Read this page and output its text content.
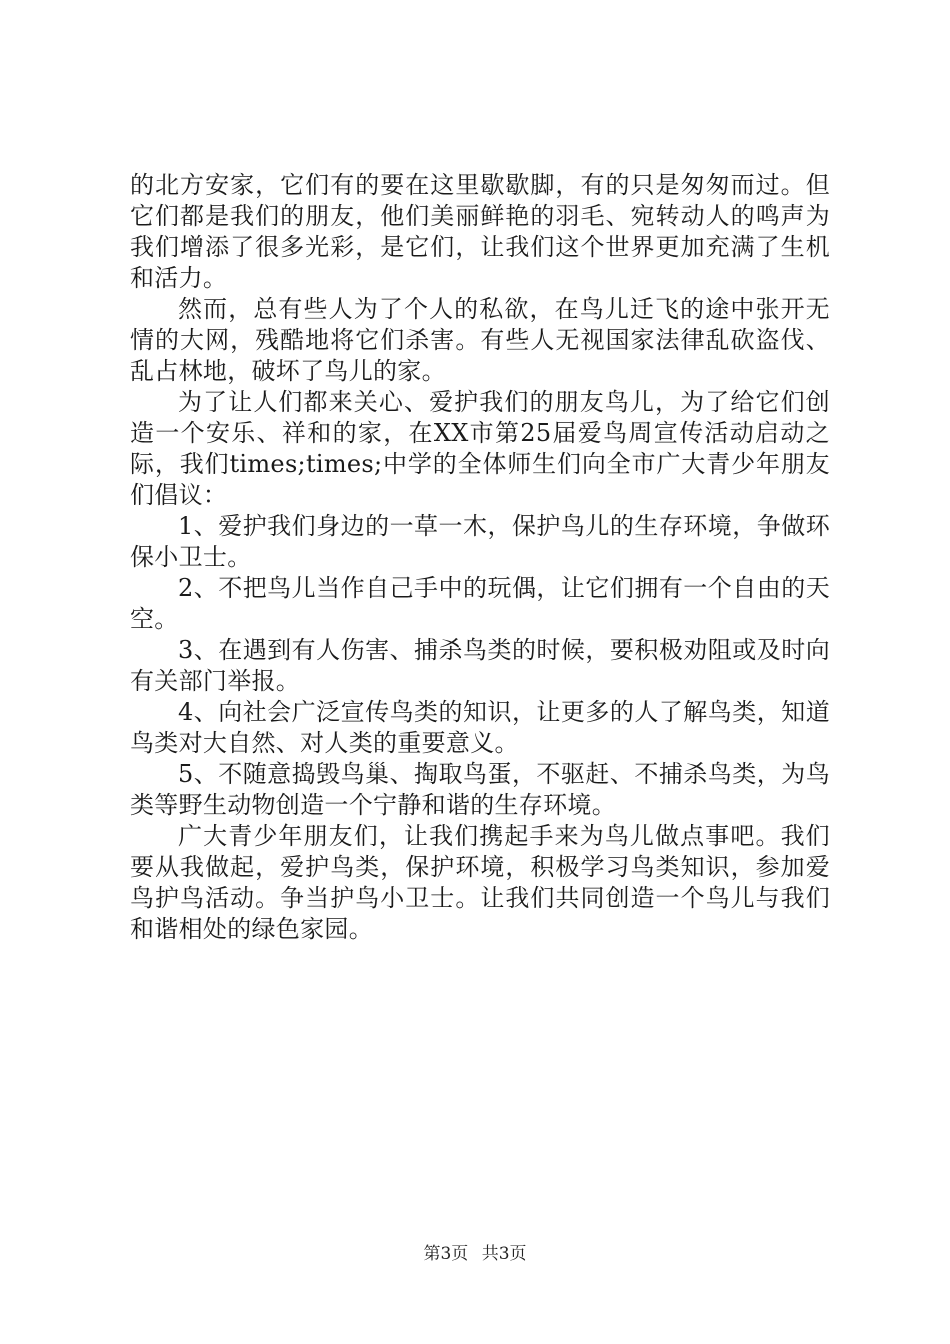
的北方安家，它们有的要在这里歇歇脚，有的只是匆匆而过。但它们都是我们的朋友，他们美丽鲜艳的羽毛、宛转动人的鸣声为我们增添了很多光彩，是它们，让我们这个世界更加充满了生机和活力。

然而，总有些人为了个人的私欲，在鸟儿迁飞的途中张开无情的大网，残酷地将它们杀害。有些人无视国家法律乱砍盗伐、乱占林地，破坏了鸟儿的家。

为了让人们都来关心、爱护我们的朋友鸟儿，为了给它们创造一个安乐、祥和的家，在XX市第25届爱鸟周宣传活动启动之际，我们times;times;中学的全体师生们向全市广大青少年朋友们倡议：

1、爱护我们身边的一草一木，保护鸟儿的生存环境，争做环保小卫士。

2、不把鸟儿当作自己手中的玩偶，让它们拥有一个自由的天空。

3、在遇到有人伤害、捕杀鸟类的时候，要积极劝阻或及时向有关部门举报。

4、向社会广泛宣传鸟类的知识，让更多的人了解鸟类，知道鸟类对大自然、对人类的重要意义。

5、不随意捣毁鸟巢、掏取鸟蛋，不驱赶、不捕杀鸟类，为鸟类等野生动物创造一个宁静和谐的生存环境。

广大青少年朋友们，让我们携起手来为鸟儿做点事吧。我们要从我做起，爱护鸟类，保护环境，积极学习鸟类知识，参加爱鸟护鸟活动。争当护鸟小卫士。让我们共同创造一个鸟儿与我们和谐相处的绿色家园。

第3页 共3页
